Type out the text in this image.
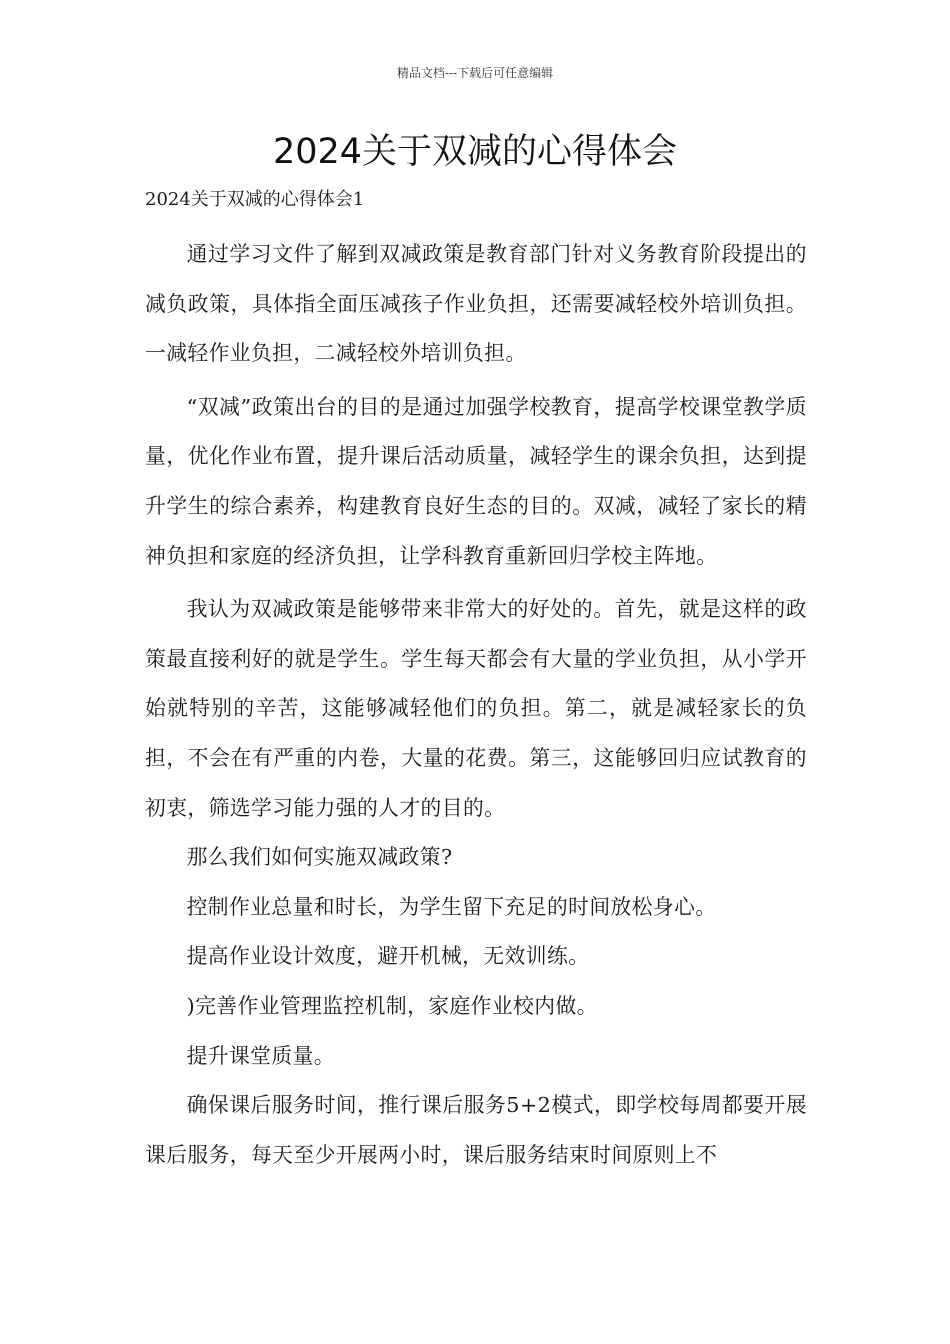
精品文档---下载后可任意编辑
2024关于双减的心得体会
2024关于双减的心得体会1

通过学习文件了解到双减政策是教育部门针对义务教育阶段提出的减负政策，具体指全面压减孩子作业负担，还需要减轻校外培训负担。一减轻作业负担，二减轻校外培训负担。

“双减”政策出台的目的是通过加强学校教育，提高学校课堂教学质量，优化作业布置，提升课后活动质量，减轻学生的课余负担，达到提升学生的综合素养，构建教育良好生态的目的。双减，减轻了家长的精神负担和家庭的经济负担，让学科教育重新回归学校主阵地。

我认为双减政策是能够带来非常大的好处的。首先，就是这样的政策最直接利好的就是学生。学生每天都会有大量的学业负担，从小学开始就特别的辛苦，这能够减轻他们的负担。第二，就是减轻家长的负担，不会在有严重的内卷，大量的花费。第三，这能够回归应试教育的初衷，筛选学习能力强的人才的目的。

那么我们如何实施双减政策?

控制作业总量和时长，为学生留下充足的时间放松身心。

提高作业设计效度，避开机械，无效训练。

)完善作业管理监控机制，家庭作业校内做。

提升课堂质量。

确保课后服务时间，推行课后服务5+2模式，即学校每周都要开展课后服务，每天至少开展两小时，课后服务结束时间原则上不
